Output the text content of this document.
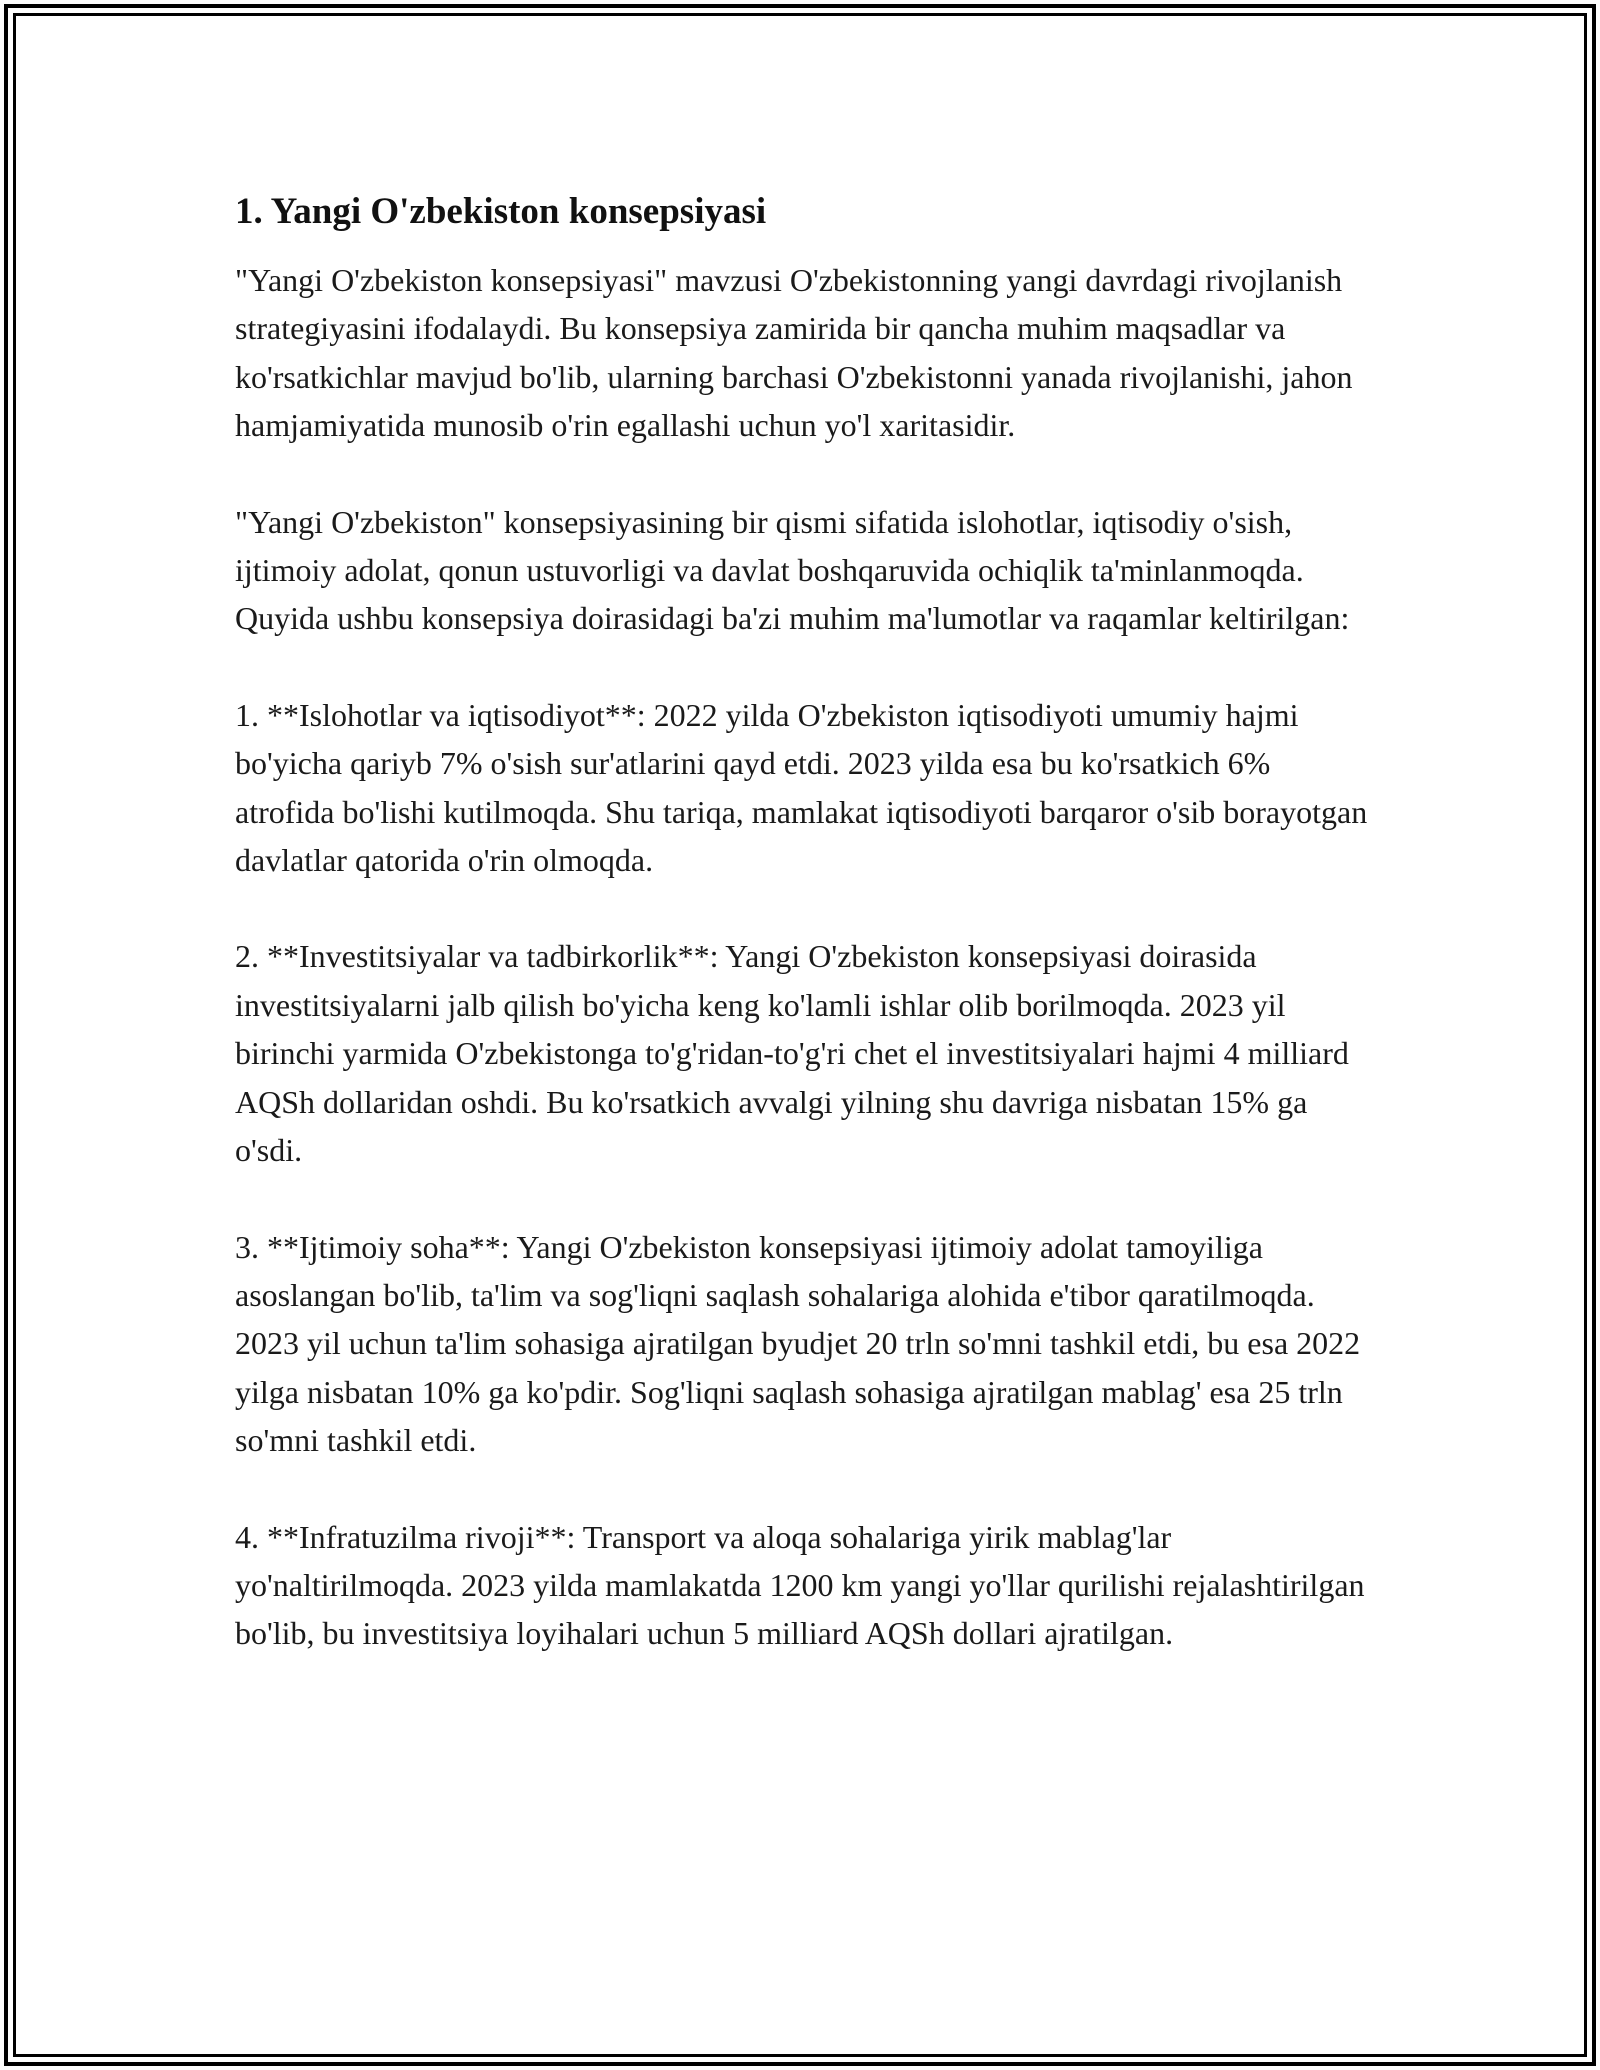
1. Yangi O'zbekiston konsepsiyasi

"Yangi O'zbekiston konsepsiyasi" mavzusi O'zbekistonning yangi davrdagi rivojlanish strategiyasini ifodalaydi. Bu konsepsiya zamirida bir qancha muhim maqsadlar va ko'rsatkichlar mavjud bo'lib, ularning barchasi O'zbekistonni yanada rivojlanishi, jahon hamjamiyatida munosib o'rin egallashi uchun yo'l xaritasidir.

"Yangi O'zbekiston" konsepsiyasining bir qismi sifatida islohotlar, iqtisodiy o'sish, ijtimoiy adolat, qonun ustuvorligi va davlat boshqaruvida ochiqlik ta'minlanmoqda. Quyida ushbu konsepsiya doirasidagi ba'zi muhim ma'lumotlar va raqamlar keltirilgan:

1. **Islohotlar va iqtisodiyot**: 2022 yilda O'zbekiston iqtisodiyoti umumiy hajmi bo'yicha qariyb 7% o'sish sur'atlarini qayd etdi. 2023 yilda esa bu ko'rsatkich 6% atrofida bo'lishi kutilmoqda. Shu tariqa, mamlakat iqtisodiyoti barqaror o'sib borayotgan davlatlar qatorida o'rin olmoqda.

2. **Investitsiyalar va tadbirkorlik**: Yangi O'zbekiston konsepsiyasi doirasida investitsiyalarni jalb qilish bo'yicha keng ko'lamli ishlar olib borilmoqda. 2023 yil birinchi yarmida O'zbekistonga to'g'ridan-to'g'ri chet el investitsiyalari hajmi 4 milliard AQSh dollaridan oshdi. Bu ko'rsatkich avvalgi yilning shu davriga nisbatan 15% ga o'sdi.

3. **Ijtimoiy soha**: Yangi O'zbekiston konsepsiyasi ijtimoiy adolat tamoyiliga asoslangan bo'lib, ta'lim va sog'liqni saqlash sohalariga alohida e'tibor qaratilmoqda. 2023 yil uchun ta'lim sohasiga ajratilgan byudjet 20 trln so'mni tashkil etdi, bu esa 2022 yilga nisbatan 10% ga ko'pdir. Sog'liqni saqlash sohasiga ajratilgan mablag' esa 25 trln so'mni tashkil etdi.

4. **Infratuzilma rivoji**: Transport va aloqa sohalariga yirik mablag'lar yo'naltirilmoqda. 2023 yilda mamlakatda 1200 km yangi yo'llar qurilishi rejalashtirilgan bo'lib, bu investitsiya loyihalari uchun 5 milliard AQSh dollari ajratilgan.
